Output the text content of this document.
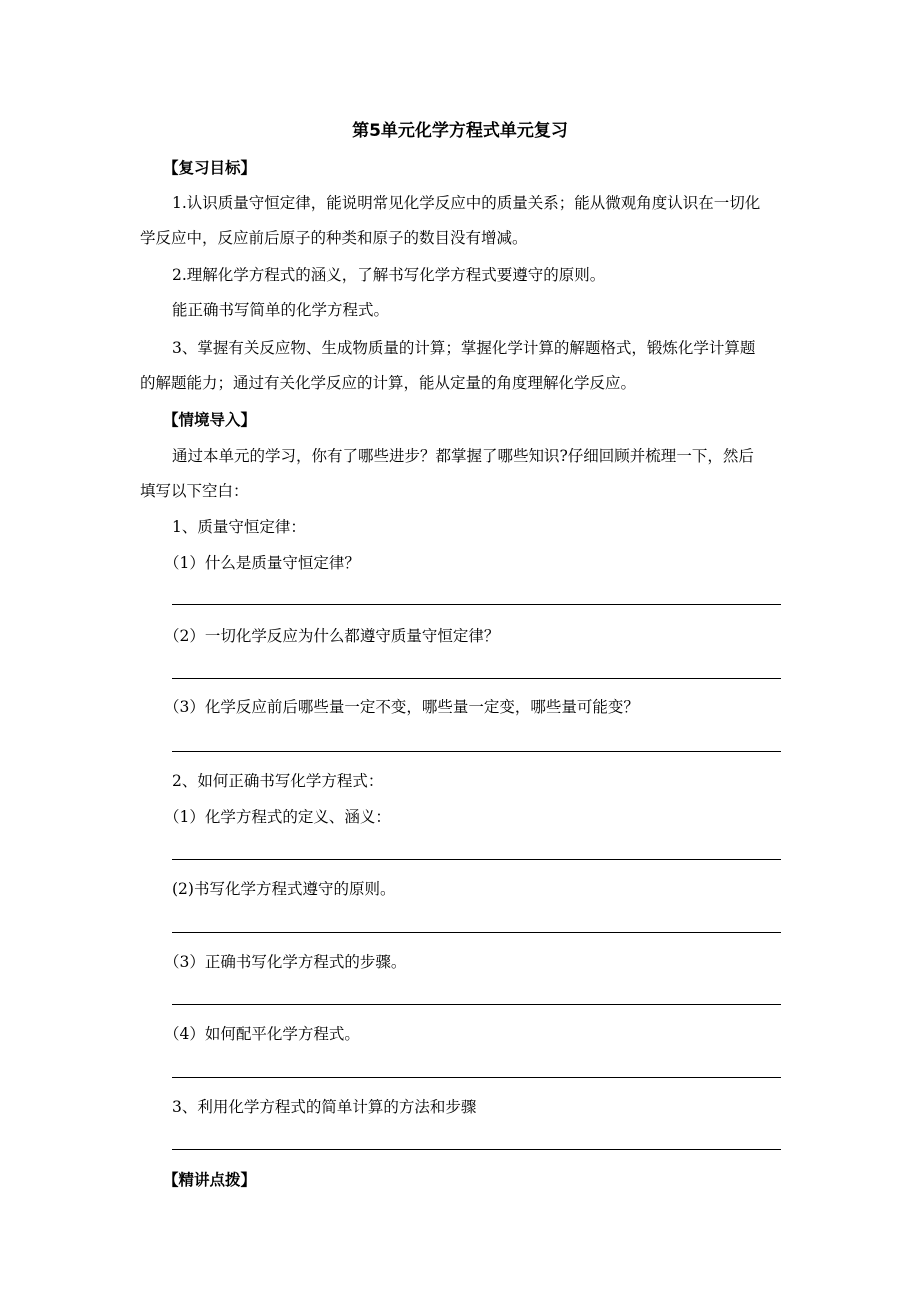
第5单元化学方程式单元复习
【复习目标】
1.认识质量守恒定律，能说明常见化学反应中的质量关系；能从微观角度认识在一切化
学反应中，反应前后原子的种类和原子的数目没有增减。
2.理解化学方程式的涵义，了解书写化学方程式要遵守的原则。
能正确书写简单的化学方程式。
3、掌握有关反应物、生成物质量的计算；掌握化学计算的解题格式，锻炼化学计算题
的解题能力；通过有关化学反应的计算，能从定量的角度理解化学反应。
【情境导入】
通过本单元的学习，你有了哪些进步？都掌握了哪些知识?仔细回顾并梳理一下，然后
填写以下空白：
1、质量守恒定律：
（1）什么是质量守恒定律？
（2）一切化学反应为什么都遵守质量守恒定律？
（3）化学反应前后哪些量一定不变，哪些量一定变，哪些量可能变？
2、如何正确书写化学方程式：
（1）化学方程式的定义、涵义：
(2)书写化学方程式遵守的原则。
（3）正确书写化学方程式的步骤。
（4）如何配平化学方程式。
3、利用化学方程式的简单计算的方法和步骤
【精讲点拨】
